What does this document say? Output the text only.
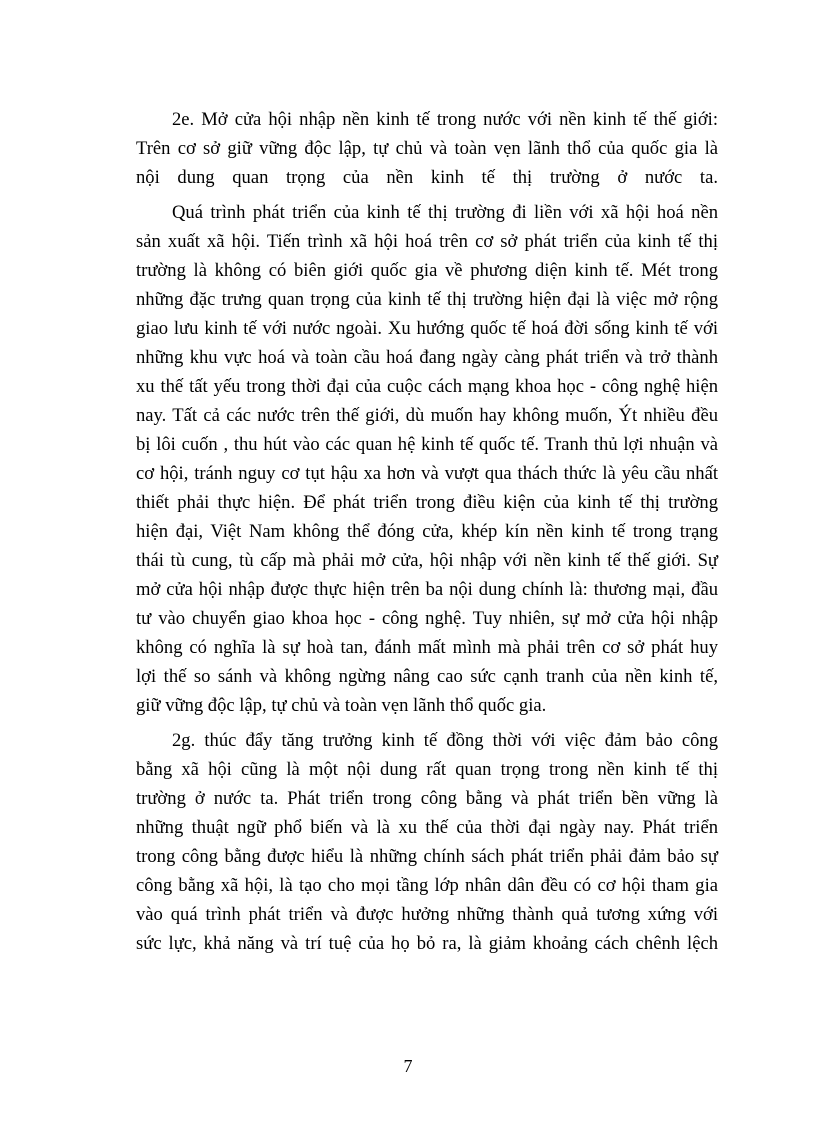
2e. Mở cửa hội nhập nền kinh tế trong nước với nền kinh tế thế giới:
Trên cơ sở giữ vững độc lập, tự chủ và toàn vẹn lãnh thổ của quốc gia là
nội dung quan trọng của nền kinh tế thị trường ở nước ta.
Quá trình phát triển của kinh tế thị trường đi liền với xã hội hoá nền
sản xuất xã hội. Tiến trình xã hội hoá trên cơ sở phát triển của kinh tế thị
trường là không có biên giới quốc gia về phương diện kinh tế. Mét trong
những đặc trưng quan trọng của kinh tế thị trường hiện đại là việc mở rộng
giao lưu kinh tế với nước ngoài. Xu hướng quốc tế hoá đời sống kinh tế với
những khu vực hoá và toàn cầu hoá đang ngày càng phát triển và trở thành
xu thế tất yếu trong thời đại của cuộc cách mạng khoa học - công nghệ hiện
nay. Tất cả các nước trên thế giới, dù muốn hay không muốn, Ýt nhiều đều
bị lôi cuốn , thu hút vào các quan hệ kinh tế quốc tế. Tranh thủ lợi nhuận và
cơ hội, tránh nguy cơ tụt hậu xa hơn và vượt qua thách thức là yêu cầu nhất
thiết phải thực hiện. Để phát triển trong điều kiện của kinh tế thị trường
hiện đại, Việt Nam không thể đóng cửa, khép kín nền kinh tế trong trạng
thái tù cung, tù cấp mà phải mở cửa, hội nhập với nền kinh tế thế giới. Sự
mở cửa hội nhập được thực hiện trên ba nội dung chính là: thương mại, đầu
tư vào chuyển giao khoa học - công nghệ. Tuy nhiên, sự mở cửa hội nhập
không có nghĩa là sự hoà tan, đánh mất mình mà phải trên cơ sở phát huy
lợi thế so sánh và không ngừng nâng cao sức cạnh tranh của nền kinh tế,
giữ vững độc lập, tự chủ và toàn vẹn lãnh thổ quốc gia.
2g. thúc đẩy tăng trưởng kinh tế đồng thời với việc đảm bảo công
bằng xã hội cũng là một nội dung rất quan trọng trong nền kinh tế thị
trường ở nước ta. Phát triển trong công bằng và phát triển bền vững là
những thuật ngữ phổ biến và là xu thế của thời đại ngày nay. Phát triển
trong công bằng được hiểu là những chính sách phát triển phải đảm bảo sự
công bằng xã hội, là tạo cho mọi tầng lớp nhân dân đều có cơ hội tham gia
vào quá trình phát triển và được hưởng những thành quả tương xứng với
sức lực, khả năng và trí tuệ của họ bỏ ra, là giảm khoảng cách chênh lệch
7
